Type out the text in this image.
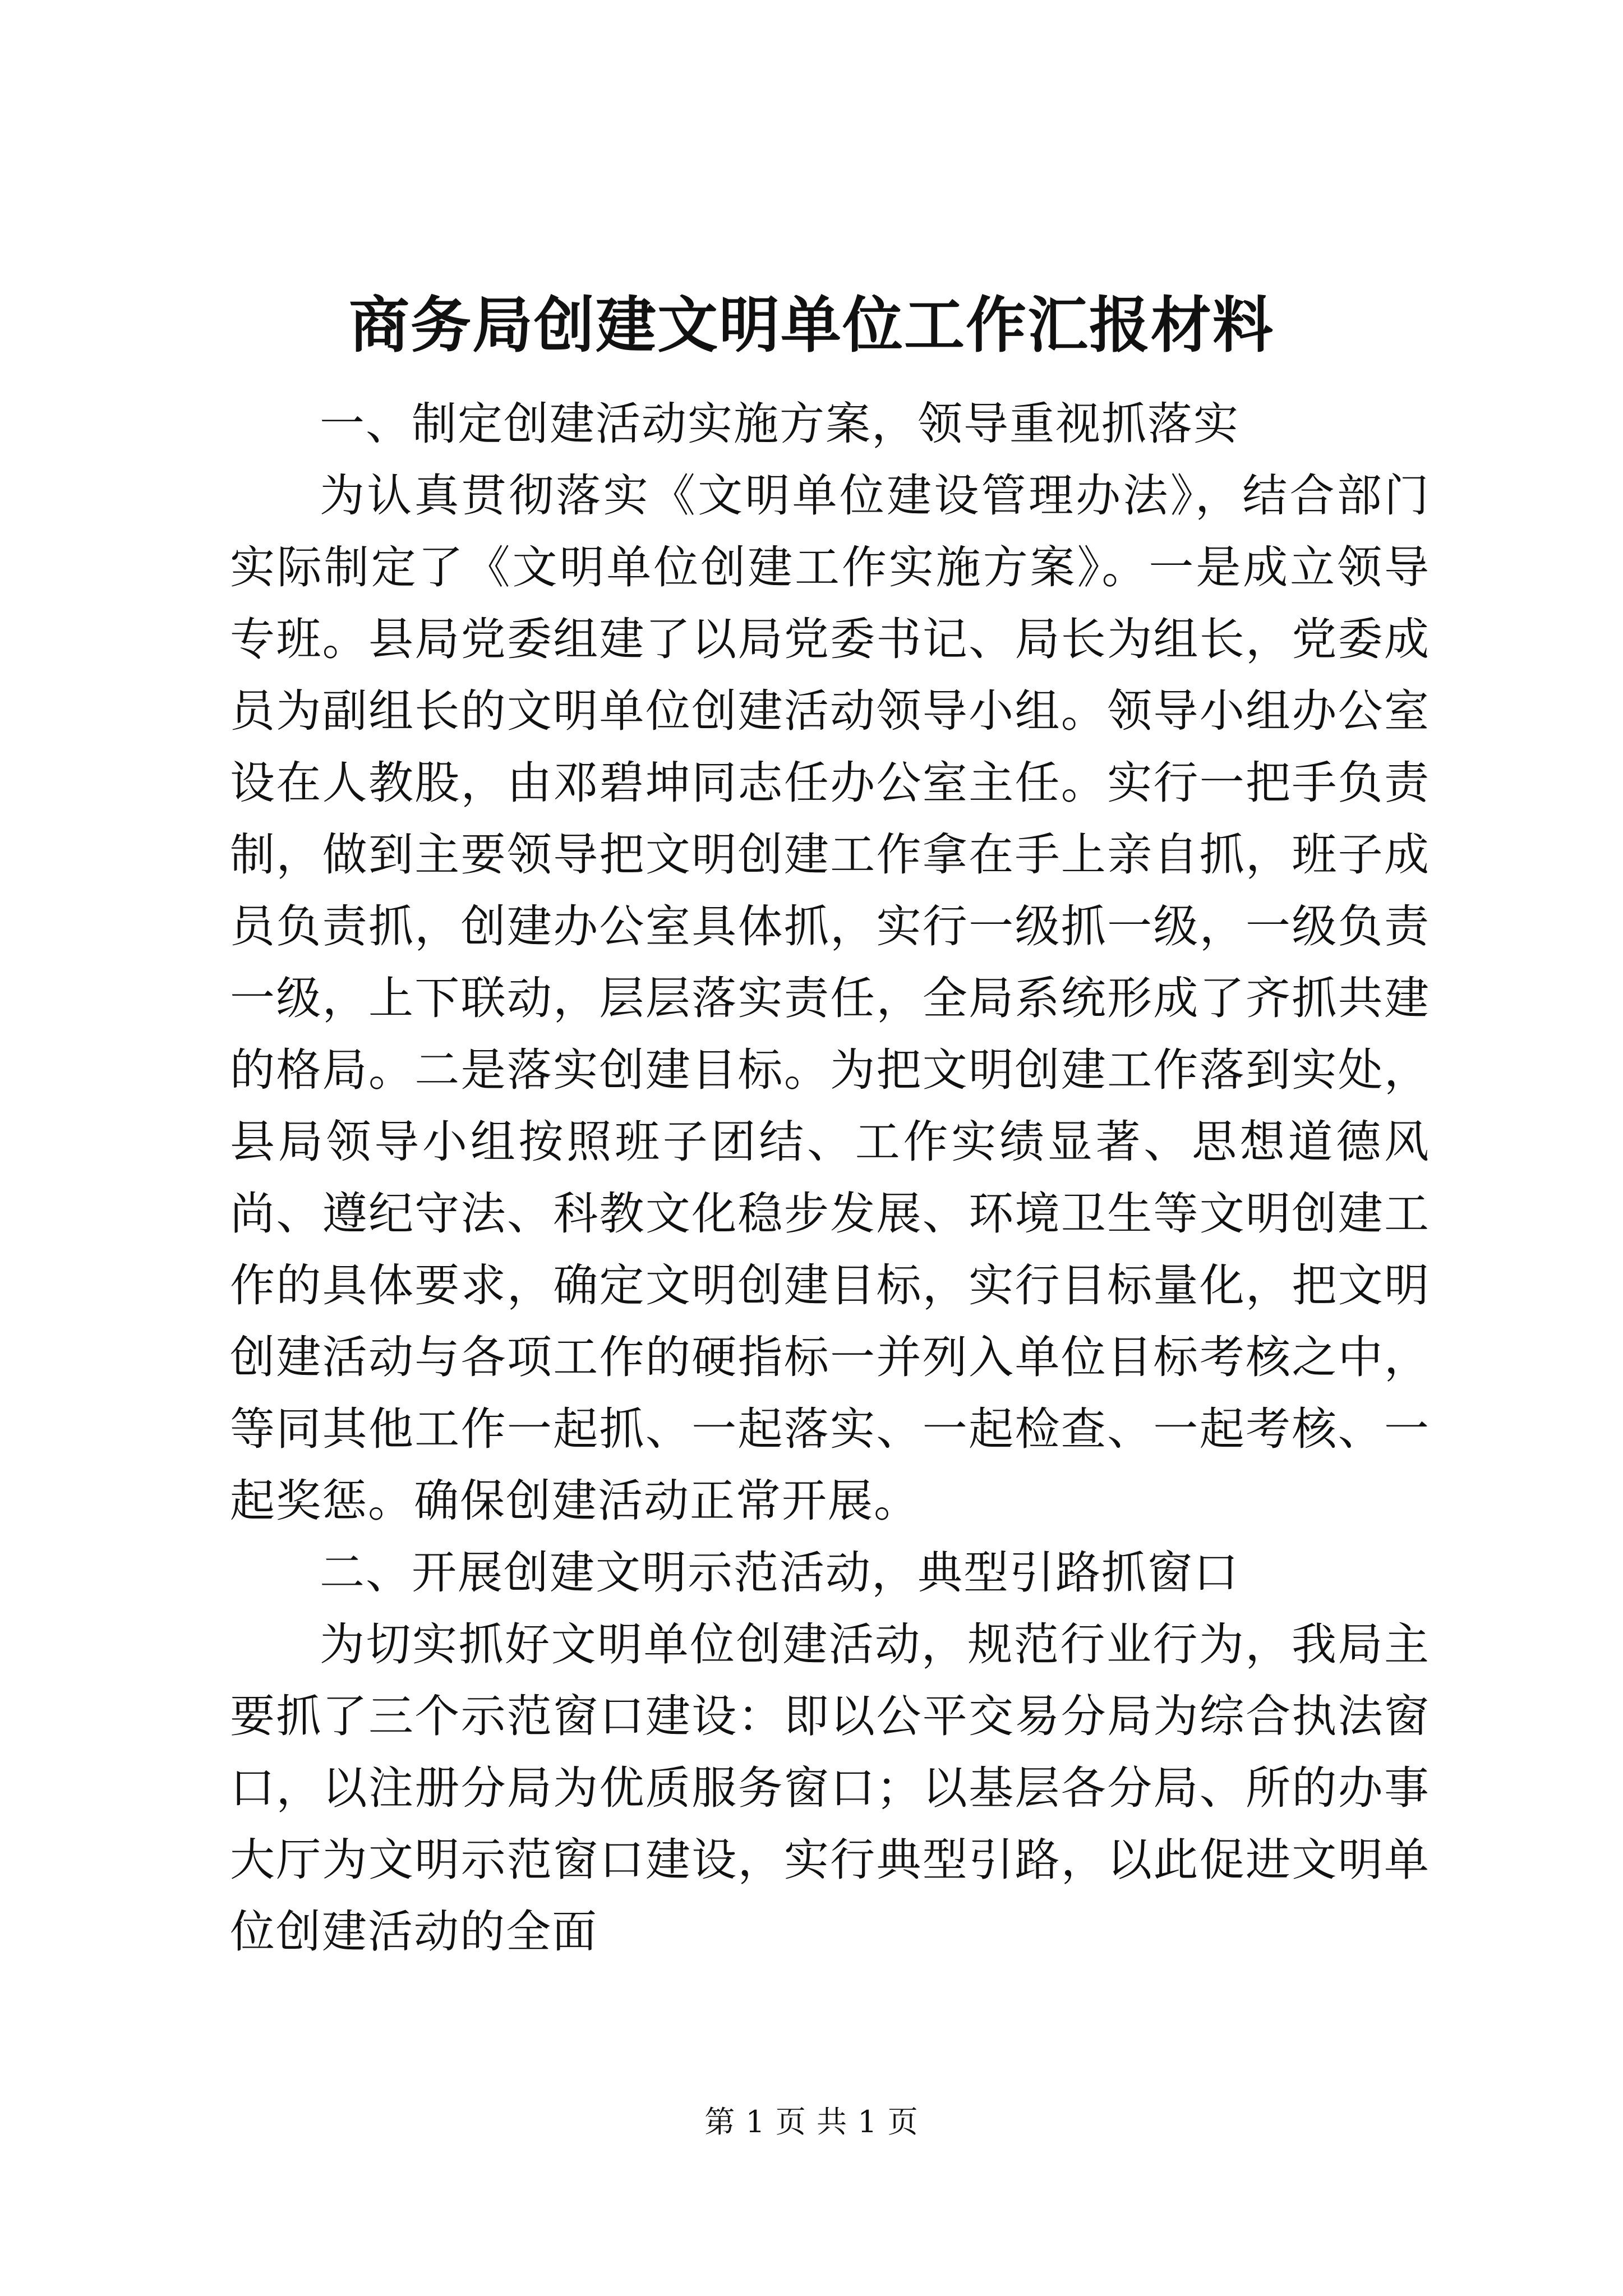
商务局创建文明单位工作汇报材料

一、制定创建活动实施方案，领导重视抓落实

为认真贯彻落实《文明单位建设管理办法》，结合部门实际制定了《文明单位创建工作实施方案》。一是成立领导专班。县局党委组建了以局党委书记、局长为组长，党委成员为副组长的文明单位创建活动领导小组。领导小组办公室设在人教股，由邓碧坤同志任办公室主任。实行一把手负责制，做到主要领导把文明创建工作拿在手上亲自抓，班子成员负责抓，创建办公室具体抓，实行一级抓一级，一级负责一级，上下联动，层层落实责任，全局系统形成了齐抓共建的格局。二是落实创建目标。为把文明创建工作落到实处，县局领导小组按照班子团结、工作实绩显著、思想道德风尚、遵纪守法、科教文化稳步发展、环境卫生等文明创建工作的具体要求，确定文明创建目标，实行目标量化，把文明创建活动与各项工作的硬指标一并列入单位目标考核之中，等同其他工作一起抓、一起落实、一起检查、一起考核、一起奖惩。确保创建活动正常开展。

二、开展创建文明示范活动，典型引路抓窗口

为切实抓好文明单位创建活动，规范行业行为，我局主要抓了三个示范窗口建设：即以公平交易分局为综合执法窗口，以注册分局为优质服务窗口；以基层各分局、所的办事大厅为文明示范窗口建设，实行典型引路，以此促进文明单位创建活动的全面

第 1 页 共 1 页
